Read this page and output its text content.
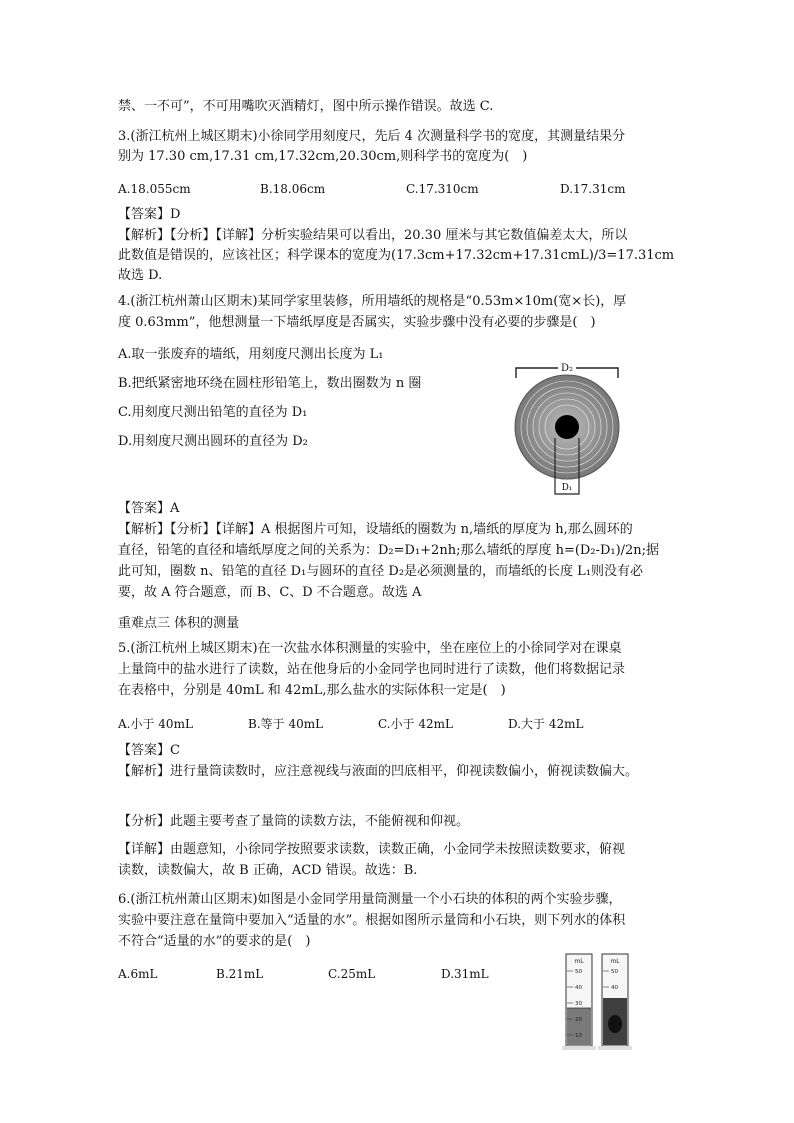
禁、一不可”，不可用嘴吹灭酒精灯，图中所示操作错误。故选 C.
3.(浙江杭州上城区期末)小徐同学用刻度尺，先后 4 次测量科学书的宽度，其测量结果分
别为 17.30 cm,17.31 cm,17.32cm,20.30cm,则科学书的宽度为(　)
A.18.055cm	B.18.06cm	C.17.310cm	D.17.31cm
【答案】D
【解析】【分析】【详解】分析实验结果可以看出，20.30 厘米与其它数值偏差太大，所以
此数值是错误的，应该社区；科学课本的宽度为(17.3cm+17.32cm+17.31cmL)/3=17.31cm
故选 D.
4.(浙江杭州萧山区期末)某同学家里装修，所用墙纸的规格是“0.53m×10m(宽×长)，厚
度 0.63mm”，他想测量一下墙纸厚度是否属实，实验步骤中没有必要的步骤是(　)
A.取一张废弃的墙纸，用刻度尺测出长度为 L₁
B.把纸紧密地环绕在圆柱形铅笔上，数出圈数为 n 圈
C.用刻度尺测出铅笔的直径为 D₁
D.用刻度尺测出圆环的直径为 D₂
D₂
D₁
【答案】A
【解析】【分析】【详解】A 根据图片可知，设墙纸的圈数为 n,墙纸的厚度为 h,那么圆环的
直径，铅笔的直径和墙纸厚度之间的关系为：D₂=D₁+2nh;那么墙纸的厚度 h=(D₂-D₁)/2n;据
此可知，圈数 n、铅笔的直径 D₁与圆环的直径 D₂是必须测量的，而墙纸的长度 L₁则没有必
要，故 A 符合题意，而 B、C、D 不合题意。故选 A
重难点三 体积的测量
5.(浙江杭州上城区期末)在一次盐水体积测量的实验中，坐在座位上的小徐同学对在课桌
上量筒中的盐水进行了读数，站在他身后的小金同学也同时进行了读数，他们将数据记录
在表格中，分别是 40mL 和 42mL,那么盐水的实际体积一定是(　)
A.小于 40mL	B.等于 40mL	C.小于 42mL	D.大于 42mL
【答案】C
【解析】进行量筒读数时，应注意视线与液面的凹底相平，仰视读数偏小，俯视读数偏大。
【分析】此题主要考查了量筒的读数方法，不能俯视和仰视。
【详解】由题意知，小徐同学按照要求读数，读数正确，小金同学未按照读数要求，俯视
读数，读数偏大，故 B 正确，ACD 错误。故选：B.
6.(浙江杭州萧山区期末)如图是小金同学用量筒测量一个小石块的体积的两个实验步骤，
实验中要注意在量筒中要加入“适量的水”。根据如图所示量筒和小石块，则下列水的体积
不符合“适量的水”的要求的是(　)
A.6mL	B.21mL	C.25mL	D.31mL
mL
50
40
30
20
10
mL
50
40
